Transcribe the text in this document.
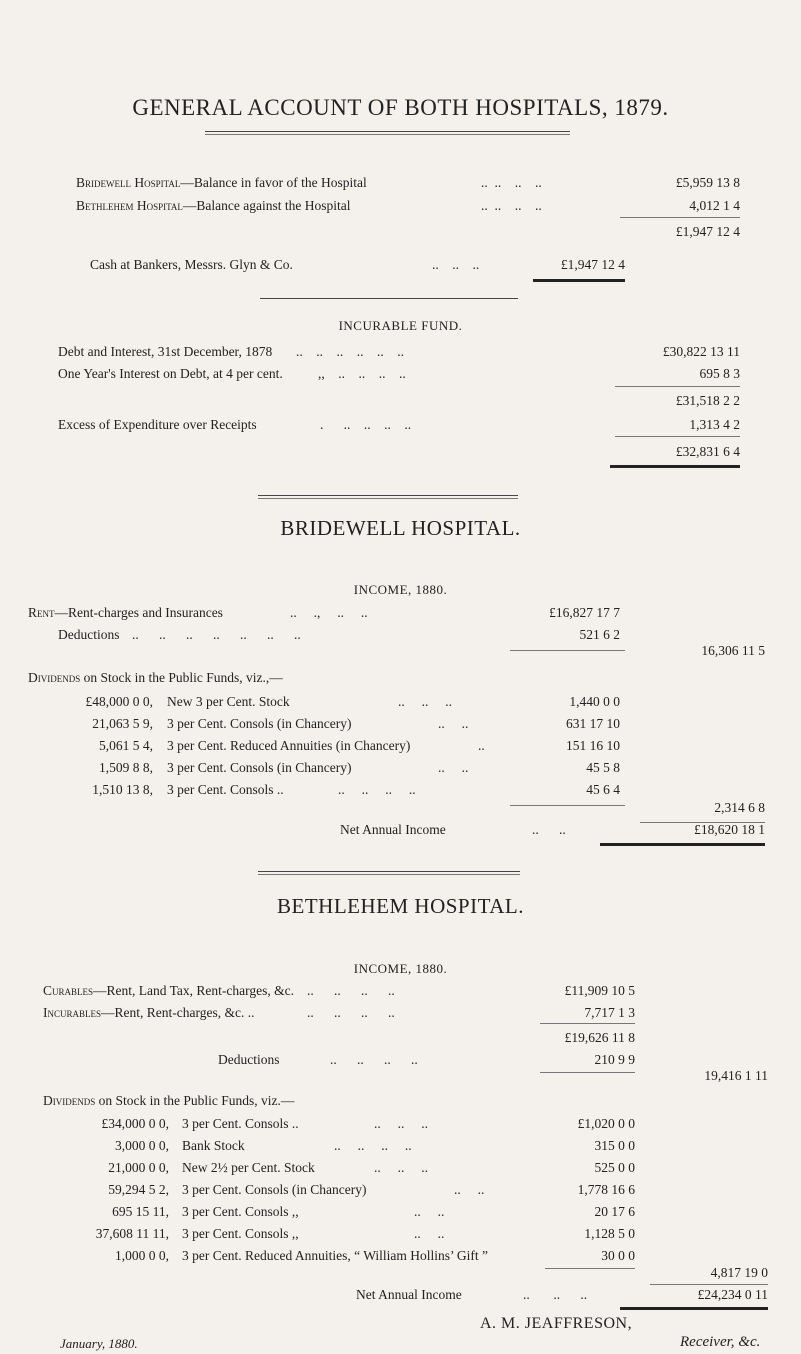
GENERAL ACCOUNT OF BOTH HOSPITALS, 1879.
Bridewell Hospital—Balance in favor of the Hospital	..  ..    ..    ..	£5,959 13 8
Bethlehem Hospital—Balance against the Hospital	..  ..    ..    ..	4,012 1 4
£1,947 12 4
Cash at Bankers, Messrs. Glyn & Co.	..    ..    ..	£1,947 12 4
INCURABLE FUND.
Debt and Interest, 31st December, 1878 ..    ..    ..    ..    ..    ..	£30,822 13 11
One Year's Interest on Debt, at 4 per cent.	,,    ..    ..    ..    ..	695 8 3
£31,518 2 2
Excess of Expenditure over Receipts	.      ..    ..    ..    ..	1,313 4 2
£32,831 6 4
BRIDEWELL HOSPITAL.
INCOME, 1880.
Rent—Rent-charges and Insurances	..     .,     ..     ..	£16,827 17 7
Deductions ..      ..      ..      ..      ..      ..      ..	521 6 2
16,306 11 5
Dividends on Stock in the Public Funds, viz.,—
£48,000 0 0, New 3 per Cent. Stock	..     ..     ..	1,440 0 0
21,063 5 9, 3 per Cent. Consols (in Chancery)	..     ..	631 17 10
5,061 5 4, 3 per Cent. Reduced Annuities (in Chancery)	..	151 16 10
1,509 8 8, 3 per Cent. Consols (in Chancery)	..     ..	45 5 8
1,510 13 8, 3 per Cent. Consols ..	..     ..     ..     ..	45 6 4
2,314 6 8
Net Annual Income	..      ..	£18,620 18 1
BETHLEHEM HOSPITAL.
INCOME, 1880.
Curables—Rent, Land Tax, Rent-charges, &c. ..      ..      ..      ..	£11,909 10 5
Incurables—Rent, Rent-charges, &c. ..	..      ..      ..      ..	7,717 1 3
£19,626 11 8
Deductions	..      ..      ..      ..	210 9 9
19,416 1 11
Dividends on Stock in the Public Funds, viz.—
£34,000 0 0, 3 per Cent. Consols ..	..     ..     ..	£1,020 0 0
3,000 0 0, Bank Stock	..     ..     ..     ..	315 0 0
21,000 0 0, New 2½ per Cent. Stock	..     ..     ..	525 0 0
59,294 5 2, 3 per Cent. Consols (in Chancery)	..     ..	1,778 16 6
695 15 11, 3 per Cent. Consols ,,	..     ..	20 17 6
37,608 11 11, 3 per Cent. Consols ,,	..     ..	1,128 5 0
1,000 0 0, 3 per Cent. Reduced Annuities, “ William Hollins’ Gift ”	30 0 0
4,817 19 0
Net Annual Income	..       ..      ..	£24,234 0 11
A. M. JEAFFRESON,
Receiver, &c.
January, 1880.
